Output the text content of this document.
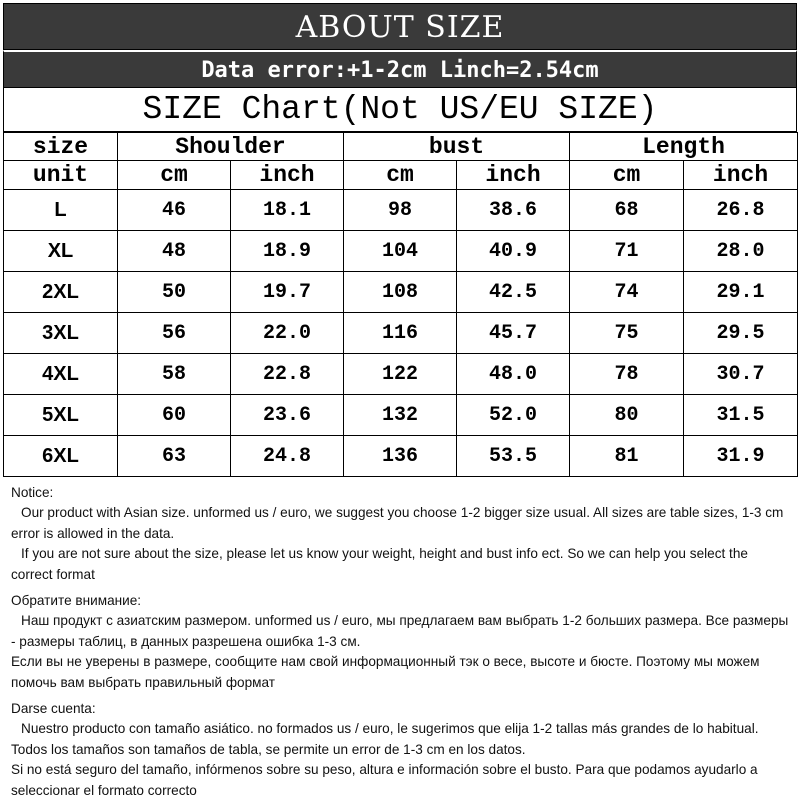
ABOUT SIZE
Data error:+1-2cm Linch=2.54cm
SIZE Chart(Not US/EU SIZE)
size	Shoulder		bust		Length	
unit	cm	inch	cm	inch	cm	inch
L	46	18.1	98	38.6	68	26.8
XL	48	18.9	104	40.9	71	28.0
2XL	50	19.7	108	42.5	74	29.1
3XL	56	22.0	116	45.7	75	29.5
4XL	58	22.8	122	48.0	78	30.7
5XL	60	23.6	132	52.0	80	31.5
6XL	63	24.8	136	53.5	81	31.9

Notice:

Our product with Asian size. unformed us / euro, we suggest you choose 1-2 bigger size usual. All sizes are table sizes, 1-3 cm error is allowed in the data.

If you are not sure about the size, please let us know your weight, height and bust info ect. So we can help you select the correct format

Обратите внимание:

Наш продукт с азиатским размером. unformed us / euro, мы предлагаем вам выбрать 1-2 больших размера. Все размеры - размеры таблиц, в данных разрешена ошибка 1-3 см.

Если вы не уверены в размере, сообщите нам свой информационный тэк о весе, высоте и бюсте. Поэтому мы можем помочь вам выбрать правильный формат

Darse cuenta:

Nuestro producto con tamaño asiático. no formados us / euro, le sugerimos que elija 1-2 tallas más grandes de lo habitual. Todos los tamaños son tamaños de tabla, se permite un error de 1-3 cm en los datos.

Si no está seguro del tamaño, infórmenos sobre su peso, altura e información sobre el busto. Para que podamos ayudarlo a seleccionar el formato correcto
